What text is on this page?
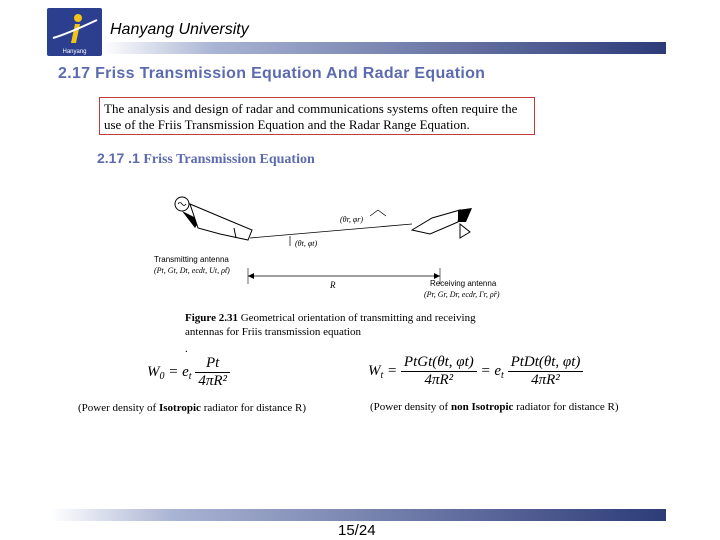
Hanyang
Hanyang University
2.17 Friss Transmission Equation And Radar Equation
The analysis and design of radar and communications systems often require the use of the Friis Transmission Equation and the Radar Range Equation.
2.17 .1 Friss Transmission Equation
R
(θt, φt)
(θr, φr)
Transmitting antenna
(Pt, Gt, Dt, ecdt, Ut, ρ̂t)
Receiving antenna
(Pr, Gr, Dr, ecdr, Γr, ρ̂r)
Figure 2.31 Geometrical orientation of transmitting and receiving antennas for Friis transmission equation
.
$W_0 = e_t \frac{Pt}{\text{4πR²}}$	$W_t = \frac{\text{PtGt(θt, φt)}}{\text{4πR²}} = e_t \frac{\text{PtDt(θt, φt)}}{\text{4πR²}}$
(Power density of Isotropic radiator for distance R)	(Power density of non Isotropic radiator for distance R)
15/24
